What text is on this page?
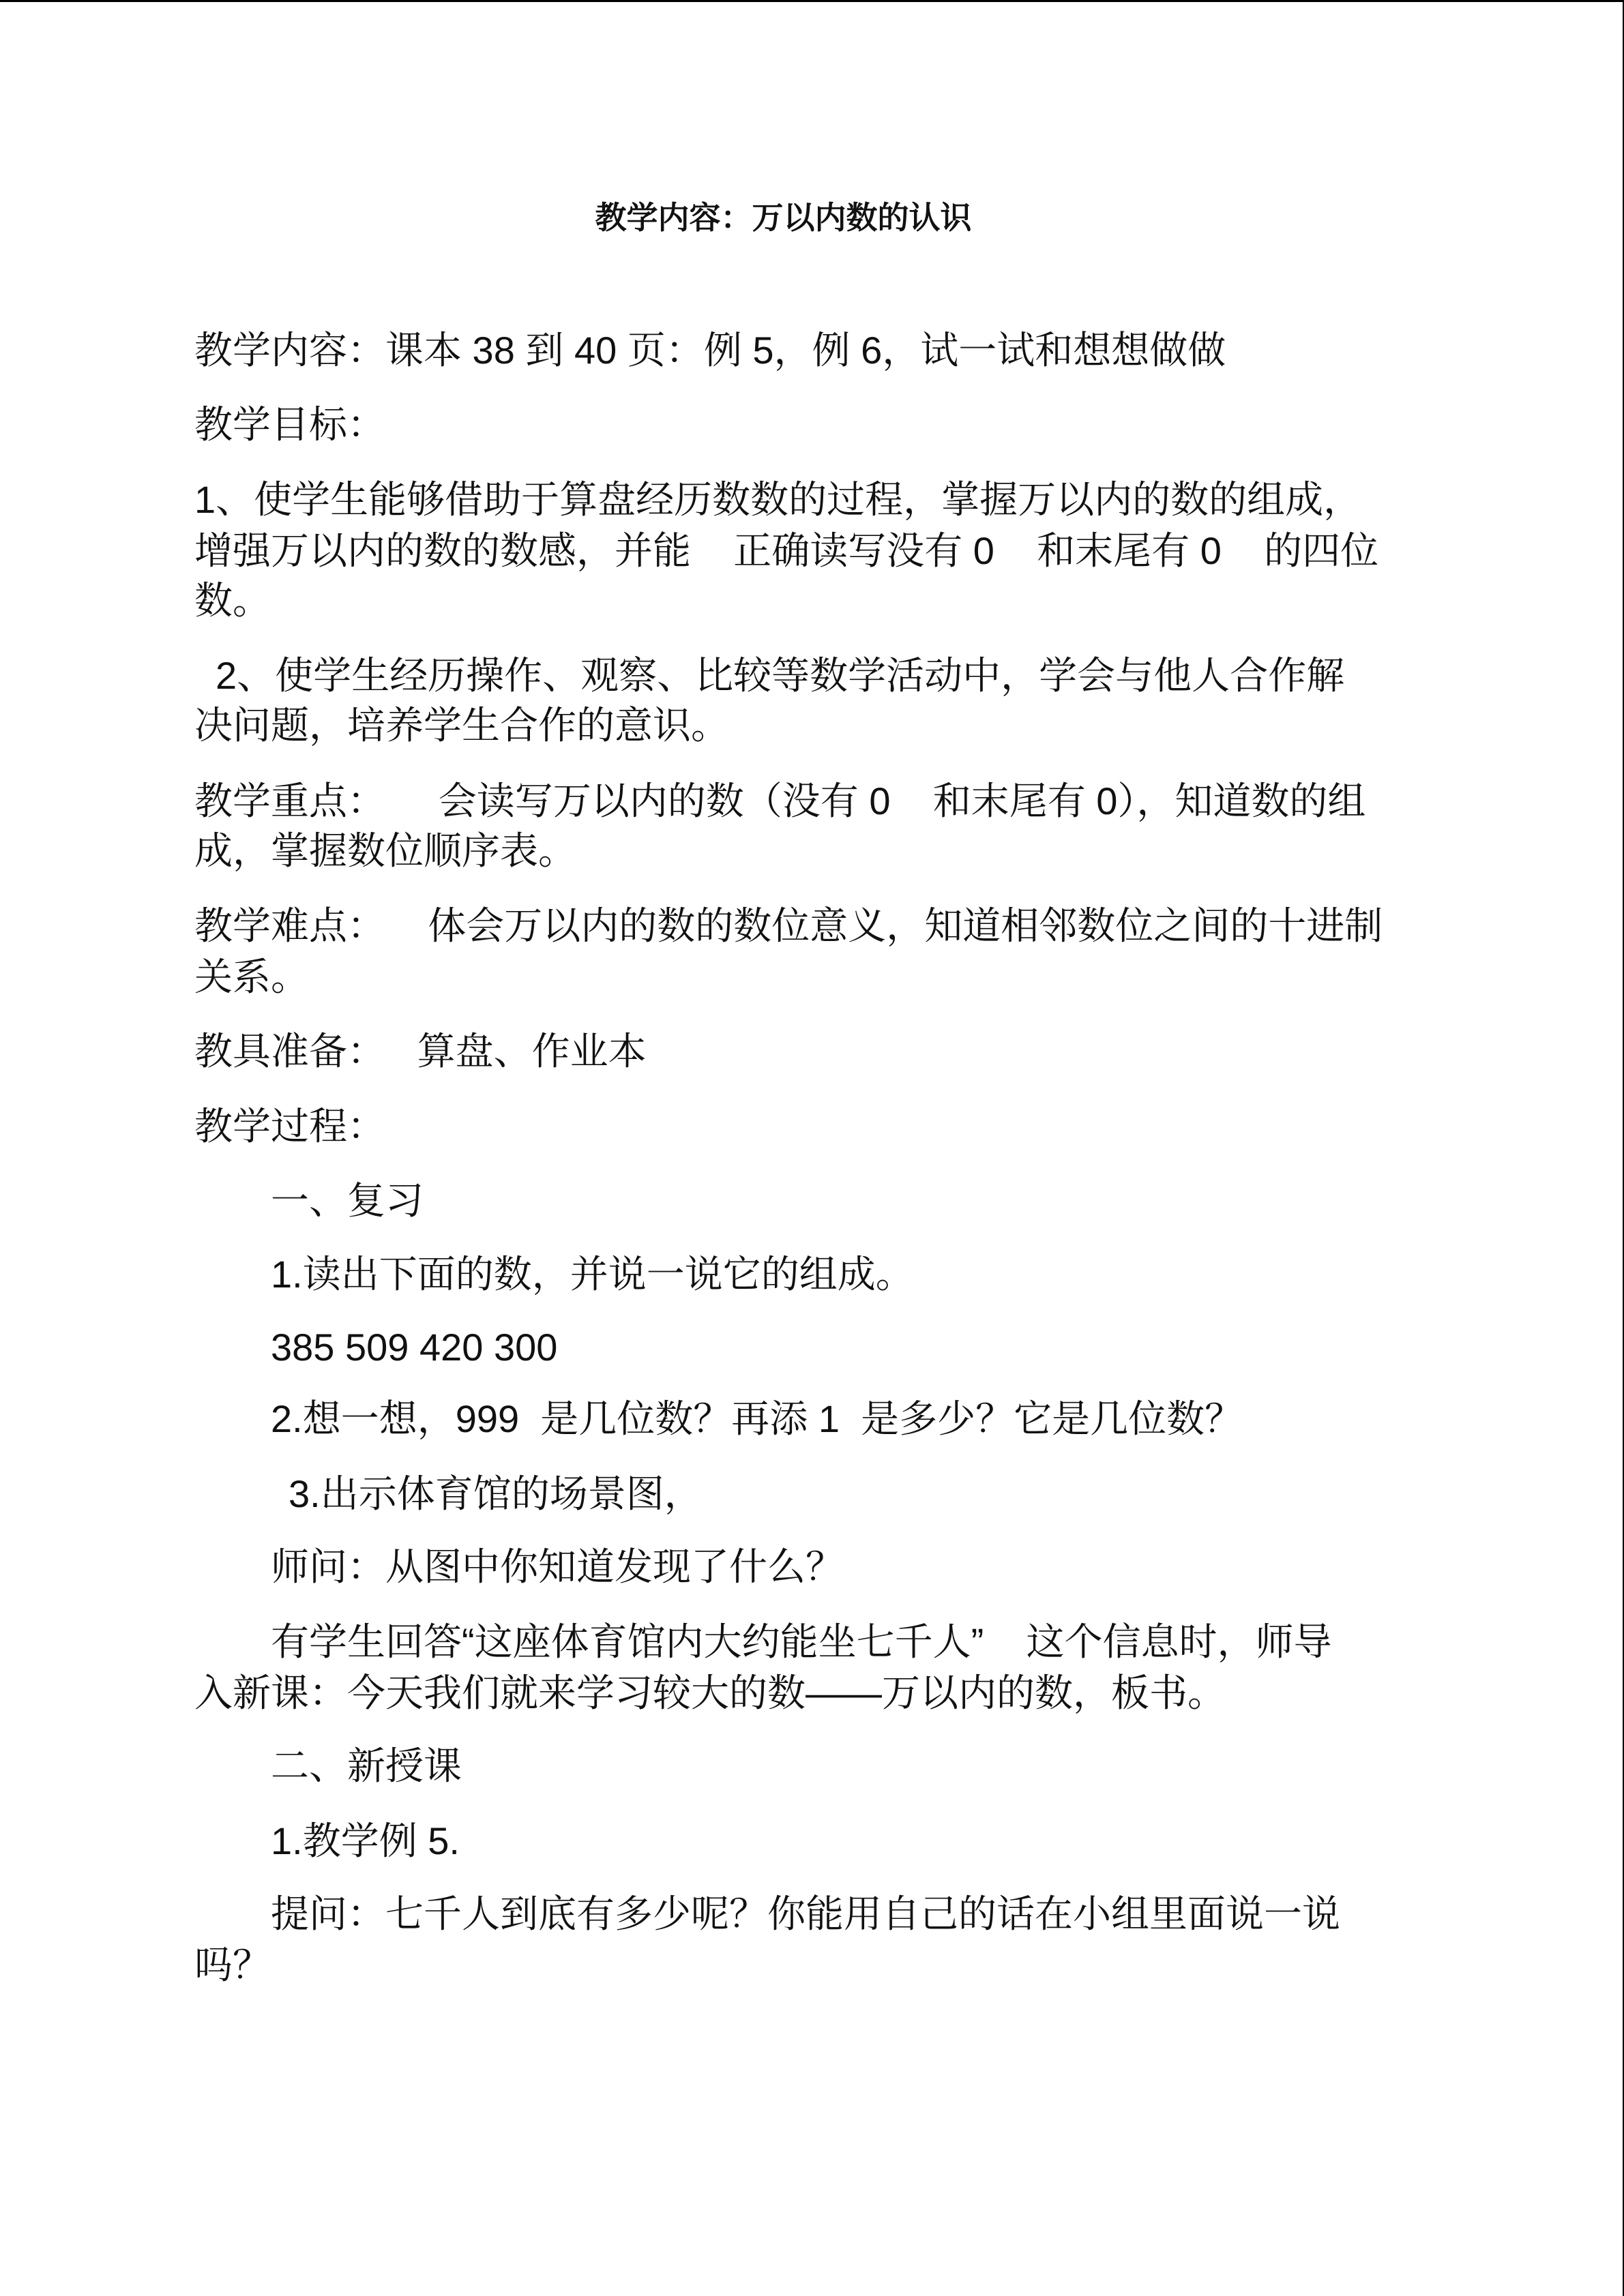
教学内容：万以内数的认识
教学内容：课本 38 到 40 页：例 5，例 6，试一试和想想做做
教学目标：
1、使学生能够借助于算盘经历数数的过程，掌握万以内的数的组成，
增强万以内的数的数感，并能    正确读写没有 0    和末尾有 0    的四位
数。
2、使学生经历操作、观察、比较等数学活动中，学会与他人合作解
决问题，培养学生合作的意识。
教学重点：     会读写万以内的数（没有 0    和末尾有 0），知道数的组
成，掌握数位顺序表。
教学难点：    体会万以内的数的数位意义，知道相邻数位之间的十进制
关系。
教具准备：   算盘、作业本
教学过程：
一、复习
1.读出下面的数，并说一说它的组成。
385 509 420 300
2.想一想，999  是几位数？再添 1  是多少？它是几位数？
3.出示体育馆的场景图，
师问：从图中你知道发现了什么？
有学生回答“这座体育馆内大约能坐七千人”    这个信息时，师导
入新课：今天我们就来学习较大的数——万以内的数，板书。
二、新授课
1.教学例 5.
提问：七千人到底有多少呢？你能用自己的话在小组里面说一说
吗？
